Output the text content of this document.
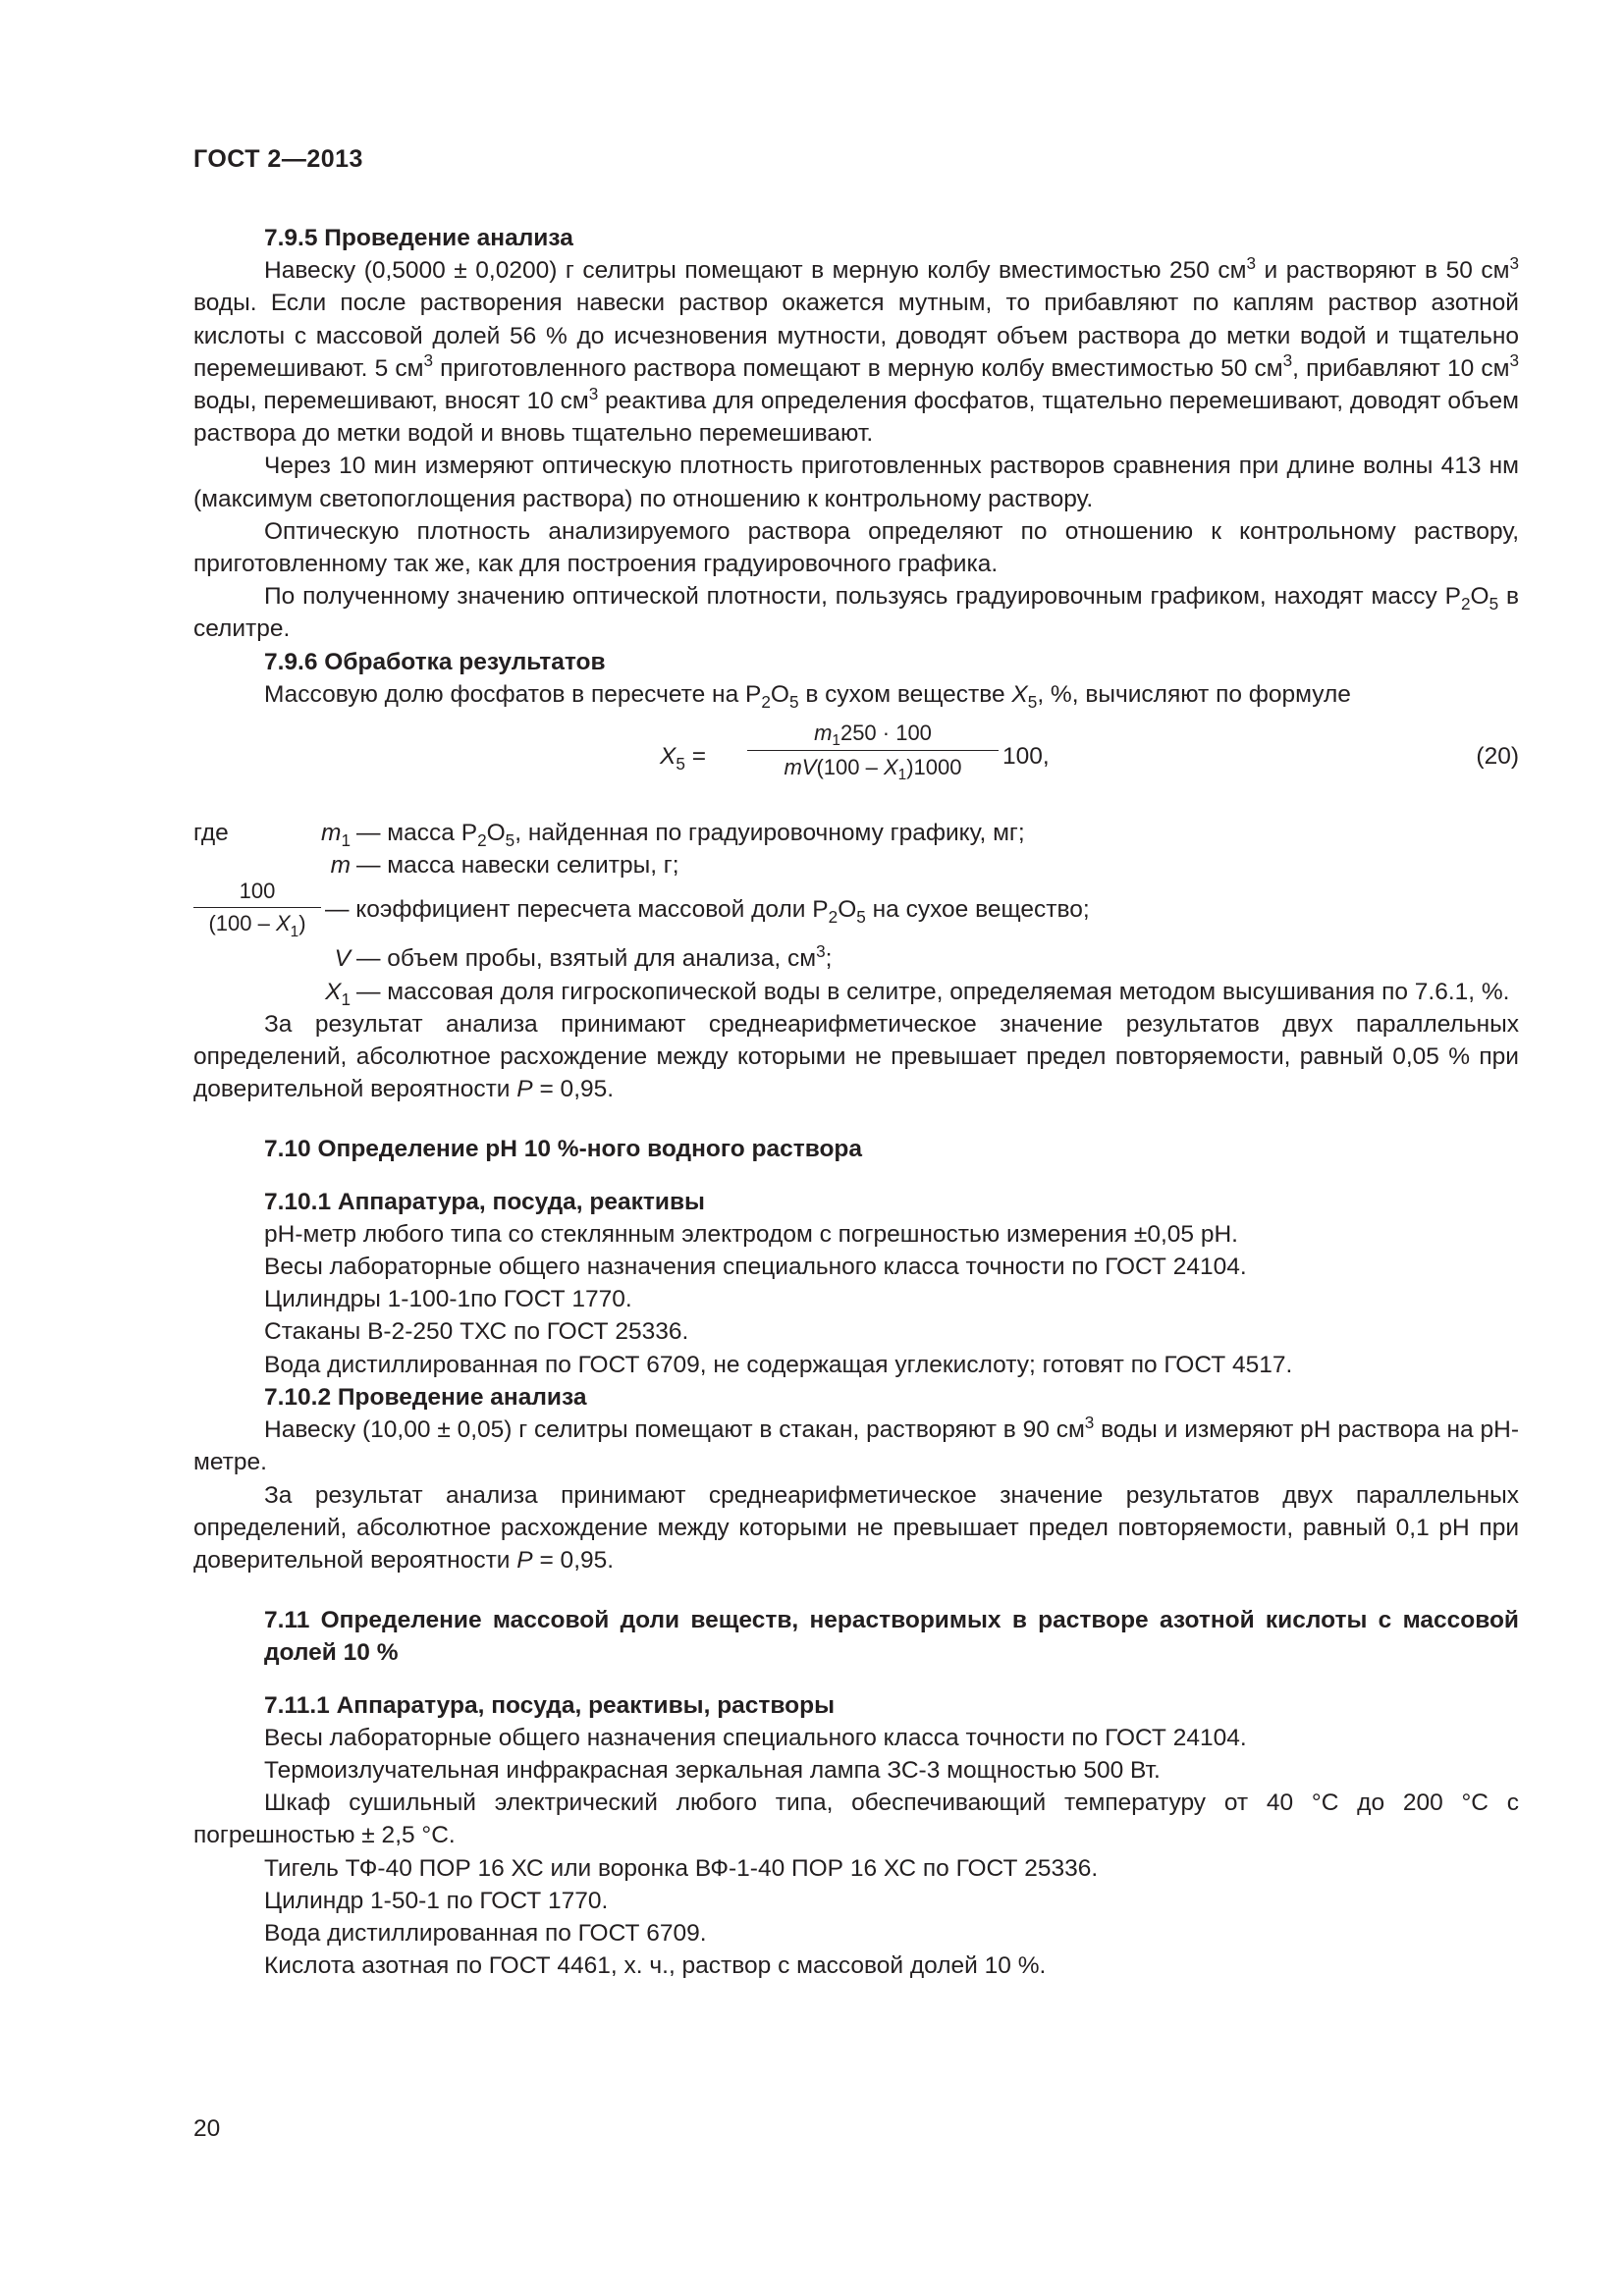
ГОСТ 2—2013

7.9.5 Проведение анализа

Навеску (0,5000 ± 0,0200) г селитры помещают в мерную колбу вместимостью 250 $см^3$ и растворяют в 50 $см^3$ воды. Если после растворения навески раствор окажется мутным, то прибавляют по каплям раствор азотной кислоты с массовой долей 56 % до исчезновения мутности, доводят объем раствора до метки водой и тщательно перемешивают. 5 $см^3$ приготовленного раствора помещают в мерную колбу вместимостью 50 $см^3$, прибавляют 10 $см^3$ воды, перемешивают, вносят 10 $см^3$ реактива для определения фосфатов, тщательно перемешивают, доводят объем раствора до метки водой и вновь тщательно перемешивают.

Через 10 мин измеряют оптическую плотность приготовленных растворов сравнения при длине волны 413 нм (максимум светопоглощения раствора) по отношению к контрольному раствору.

Оптическую плотность анализируемого раствора определяют по отношению к контрольному раствору, приготовленному так же, как для построения градуировочного графика.

По полученному значению оптической плотности, пользуясь градуировочным графиком, находят массу $P_2O_5$ в селитре.

7.9.6 Обработка результатов

Массовую долю фосфатов в пересчете на $P_2O_5$ в сухом веществе $X_5$, %, вычисляют по формуле

$X_5 = \frac{m_1250 \cdot 100}{mV(100 - X_1)1000} 100$,	(20)
где	$m_1$ — масса $P_2O_5$, найденная по градуировочному графику, мг;
m — масса навески селитры, г;
100
$(100 - X_1)$
— коэффициент пересчета массовой доли $P_2O_5$ на сухое вещество;
V — объем пробы, взятый для анализа, $см^3$;
$X_1$ — массовая доля гигроскопической воды в селитре, определяемая методом высушивания по 7.6.1, %.

За результат анализа принимают среднеарифметическое значение результатов двух параллельных определений, абсолютное расхождение между которыми не превышает предел повторяемости, равный 0,05 % при доверительной вероятности P = 0,95.

7.10 Определение рН 10 %-ного водного раствора

7.10.1 Аппаратура, посуда, реактивы

рН-метр любого типа со стеклянным электродом с погрешностью измерения ±0,05 рН.

Весы лабораторные общего назначения специального класса точности по ГОСТ 24104.

Цилиндры 1-100-1по ГОСТ 1770.

Стаканы В-2-250 ТХС по ГОСТ 25336.

Вода дистиллированная по ГОСТ 6709, не содержащая углекислоту; готовят по ГОСТ 4517.

7.10.2 Проведение анализа

Навеску (10,00 ± 0,05) г селитры помещают в стакан, растворяют в 90 $см^3$ воды и измеряют рН раствора на рН-метре.

За результат анализа принимают среднеарифметическое значение результатов двух параллельных определений, абсолютное расхождение между которыми не превышает предел повторяемости, равный 0,1 рН при доверительной вероятности P = 0,95.

7.11 Определение массовой доли веществ, нерастворимых в растворе азотной кислоты с массовой долей 10 %

7.11.1 Аппаратура, посуда, реактивы, растворы

Весы лабораторные общего назначения специального класса точности по ГОСТ 24104.

Термоизлучательная инфракрасная зеркальная лампа ЗС-3 мощностью 500 Вт.

Шкаф сушильный электрический любого типа, обеспечивающий температуру от 40 °С до 200 °С с погрешностью ± 2,5 °С.

Тигель ТФ-40 ПОР 16 ХС или воронка ВФ-1-40 ПОР 16 ХС по ГОСТ 25336.

Цилиндр 1-50-1 по ГОСТ 1770.

Вода дистиллированная по ГОСТ 6709.

Кислота азотная по ГОСТ 4461, х. ч., раствор с массовой долей 10 %.

20
